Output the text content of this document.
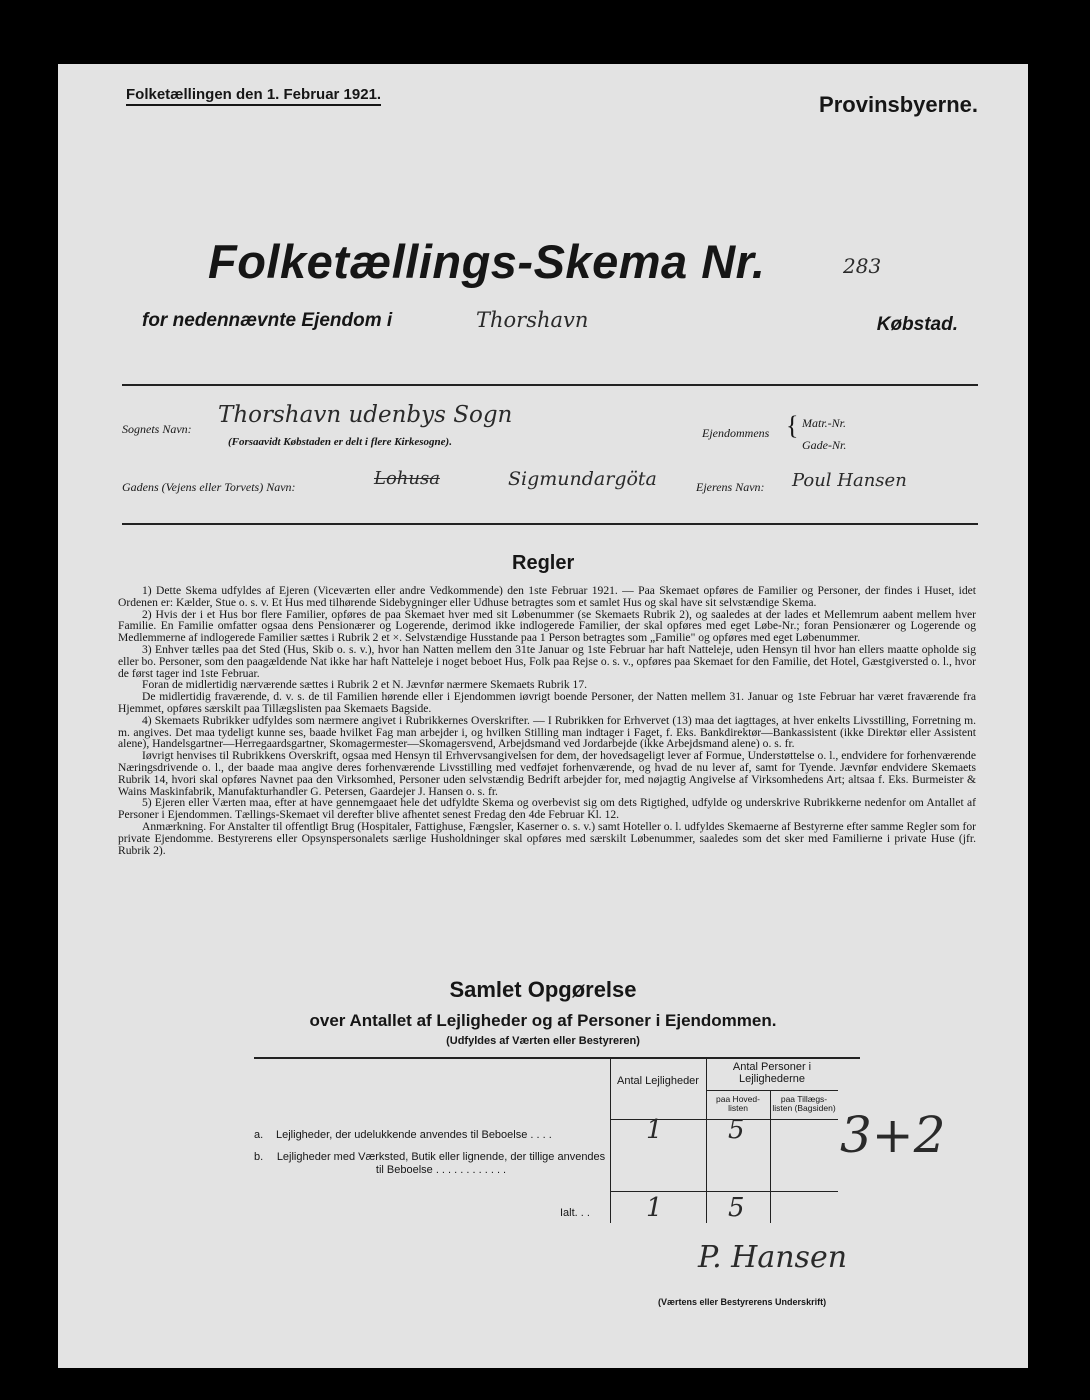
Folketællingen den 1. Februar 1921.	Provinsbyerne.
Folketællings-Skema Nr.	283
for nedennævnte Ejendom i	Thorshavn	Købstad.
Sognets Navn:
Thorshavn udenbys Sogn
(Forsaavidt Købstaden er delt i flere Kirkesogne).
Ejendommens { Matr.-Nr.
Gade-Nr.
Gadens (Vejens eller Torvets) Navn:	Lohusa	Sigmundargöta	Ejerens Navn: Poul Hansen
Regler

1) Dette Skema udfyldes af Ejeren (Viceværten eller andre Vedkommende) den 1ste Februar 1921. — Paa Skemaet opføres de Familier og Personer, der findes i Huset, idet Ordenen er: Kælder, Stue o. s. v. Et Hus med tilhørende Sidebygninger eller Udhuse betragtes som et samlet Hus og skal have sit selvstændige Skema.

2) Hvis der i et Hus bor flere Familier, opføres de paa Skemaet hver med sit Løbenummer (se Skemaets Rubrik 2), og saaledes at der lades et Mellemrum aabent mellem hver Familie. En Familie omfatter ogsaa dens Pensionærer og Logerende, derimod ikke indlogerede Familier, der skal opføres med eget Løbe-Nr.; foran Pensionærer og Logerende og Medlemmerne af indlogerede Familier sættes i Rubrik 2 et ×. Selvstændige Husstande paa 1 Person betragtes som „Familie" og opføres med eget Løbenummer.

3) Enhver tælles paa det Sted (Hus, Skib o. s. v.), hvor han Natten mellem den 31te Januar og 1ste Februar har haft Natteleje, uden Hensyn til hvor han ellers maatte opholde sig eller bo. Personer, som den paagældende Nat ikke har haft Natteleje i noget beboet Hus, Folk paa Rejse o. s. v., opføres paa Skemaet for den Familie, det Hotel, Gæstgiversted o. l., hvor de først tager ind 1ste Februar.

Foran de midlertidig nærværende sættes i Rubrik 2 et N. Jævnfør nærmere Skemaets Rubrik 17.

De midlertidig fraværende, d. v. s. de til Familien hørende eller i Ejendommen iøvrigt boende Personer, der Natten mellem 31. Januar og 1ste Februar har været fraværende fra Hjemmet, opføres særskilt paa Tillægslisten paa Skemaets Bagside.

4) Skemaets Rubrikker udfyldes som nærmere angivet i Rubrikkernes Overskrifter. — I Rubrikken for Erhvervet (13) maa det iagttages, at hver enkelts Livsstilling, Forretning m. m. angives. Det maa tydeligt kunne ses, baade hvilket Fag man arbejder i, og hvilken Stilling man indtager i Faget, f. Eks. Bankdirektør—Bankassistent (ikke Direktør eller Assistent alene), Handelsgartner—Herregaardsgartner, Skomagermester—Skomagersvend, Arbejdsmand ved Jordarbejde (ikke Arbejdsmand alene) o. s. fr.

Iøvrigt henvises til Rubrikkens Overskrift, ogsaa med Hensyn til Erhvervsangivelsen for dem, der hovedsageligt lever af Formue, Understøttelse o. l., endvidere for forhenværende Næringsdrivende o. l., der baade maa angive deres forhenværende Livsstilling med vedføjet forhenværende, og hvad de nu lever af, samt for Tyende. Jævnfør endvidere Skemaets Rubrik 14, hvori skal opføres Navnet paa den Virksomhed, Personer uden selvstændig Bedrift arbejder for, med nøjagtig Angivelse af Virksomhedens Art; altsaa f. Eks. Burmeister & Wains Maskinfabrik, Manufakturhandler G. Petersen, Gaardejer J. Hansen o. s. fr.

5) Ejeren eller Værten maa, efter at have gennemgaaet hele det udfyldte Skema og overbevist sig om dets Rigtighed, udfylde og underskrive Rubrikkerne nedenfor om Antallet af Personer i Ejendommen. Tællings-Skemaet vil derefter blive afhentet senest Fredag den 4de Februar Kl. 12.

Anmærkning. For Anstalter til offentligt Brug (Hospitaler, Fattighuse, Fængsler, Kaserner o. s. v.) samt Hoteller o. l. udfyldes Skemaerne af Bestyrerne efter samme Regler som for private Ejendomme. Bestyrerens eller Opsynspersonalets særlige Husholdninger skal opføres med særskilt Løbenummer, saaledes som det sker med Familierne i private Huse (jfr. Rubrik 2).

Samlet Opgørelse
over Antallet af Lejligheder og af Personer i Ejendommen.
(Udfyldes af Værten eller Bestyreren)
Antal Lejligheder
Antal Personer i Lejlighederne
paa Hoved-listen
paa Tillægs-listen (Bagsiden)
a. Lejligheder, der udelukkende anvendes til Beboelse . . . .	1	5
b. Lejligheder med Værksted, Butik eller lignende, der tillige anvendes til Beboelse . . . . . . . . . . . .
Ialt. . . 1	5
3+2
P. Hansen
(Værtens eller Bestyrerens Underskrift)
